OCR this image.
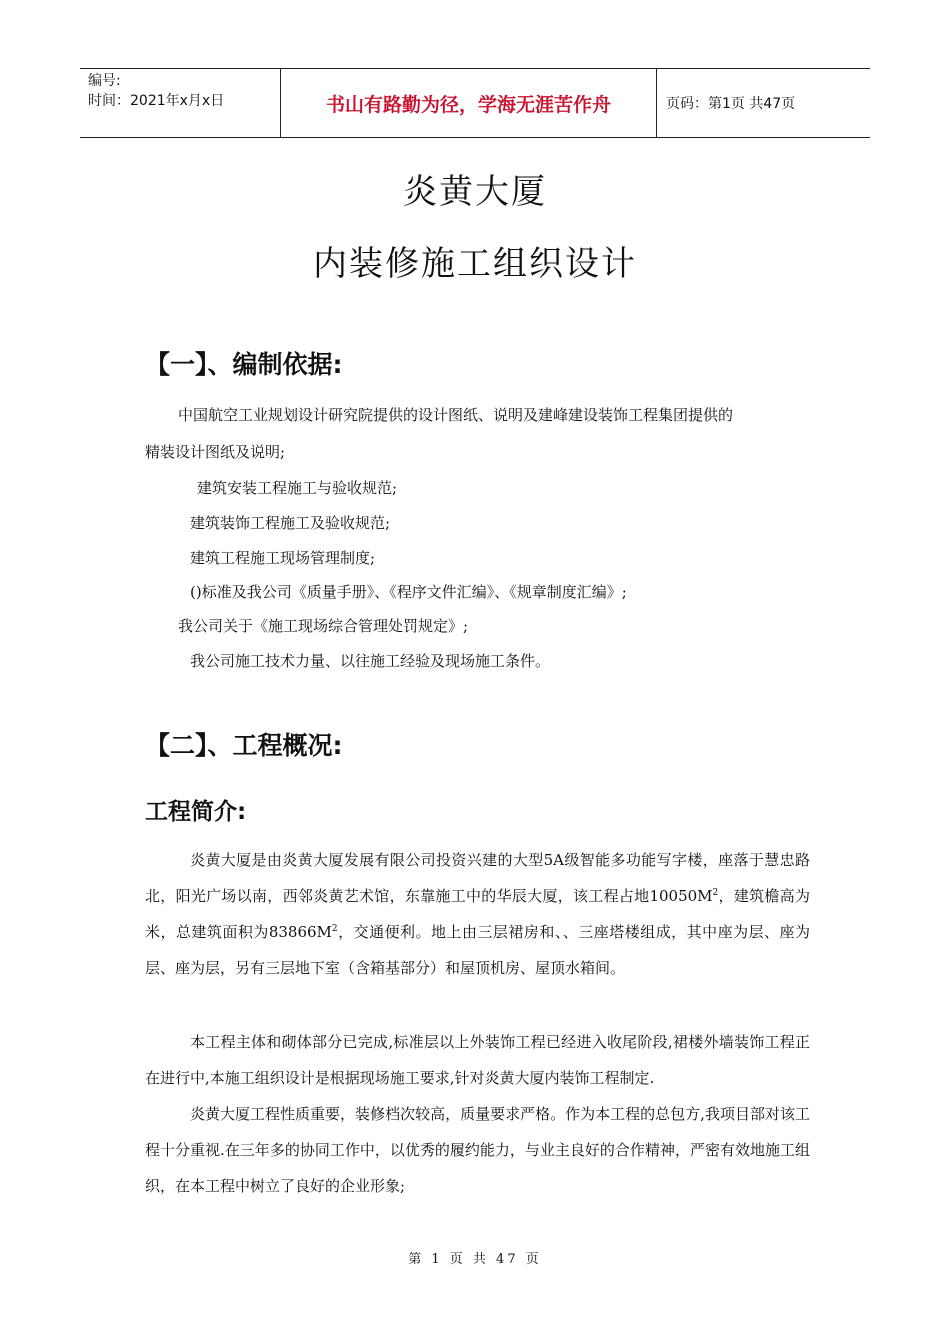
编号:
时间：2021年x月x日	书山有路勤为径，学海无涯苦作舟	页码：第1页 共47页
炎黄大厦
内装修施工组织设计
【一】、编制依据:
中国航空工业规划设计研究院提供的设计图纸、说明及建峰建设装饰工程集团提供的
精装设计图纸及说明;
建筑安装工程施工与验收规范;
建筑装饰工程施工及验收规范;
建筑工程施工现场管理制度;
()标准及我公司《质量手册》、《程序文件汇编》、《规章制度汇编》;
我公司关于《施工现场综合管理处罚规定》;
我公司施工技术力量、以往施工经验及现场施工条件。
【二】、工程概况:
工程简介:
炎黄大厦是由炎黄大厦发展有限公司投资兴建的大型5A级智能多功能写字楼，座落于慧忠路北，阳光广场以南，西邻炎黄艺术馆，东靠施工中的华辰大厦，该工程占地$10050M^2$，建筑檐高为米，总建筑面积为$83866M^2$，交通便利。地上由三层裙房和、、三座塔楼组成，其中座为层、座为层、座为层，另有三层地下室（含箱基部分）和屋顶机房、屋顶水箱间。
本工程主体和砌体部分已完成,标准层以上外装饰工程已经进入收尾阶段,裙楼外墙装饰工程正在进行中,本施工组织设计是根据现场施工要求,针对炎黄大厦内装饰工程制定.
炎黄大厦工程性质重要，装修档次较高，质量要求严格。作为本工程的总包方,我项目部对该工程十分重视.在三年多的协同工作中，以优秀的履约能力，与业主良好的合作精神，严密有效地施工组织，在本工程中树立了良好的企业形象;
第 1 页 共 47 页
